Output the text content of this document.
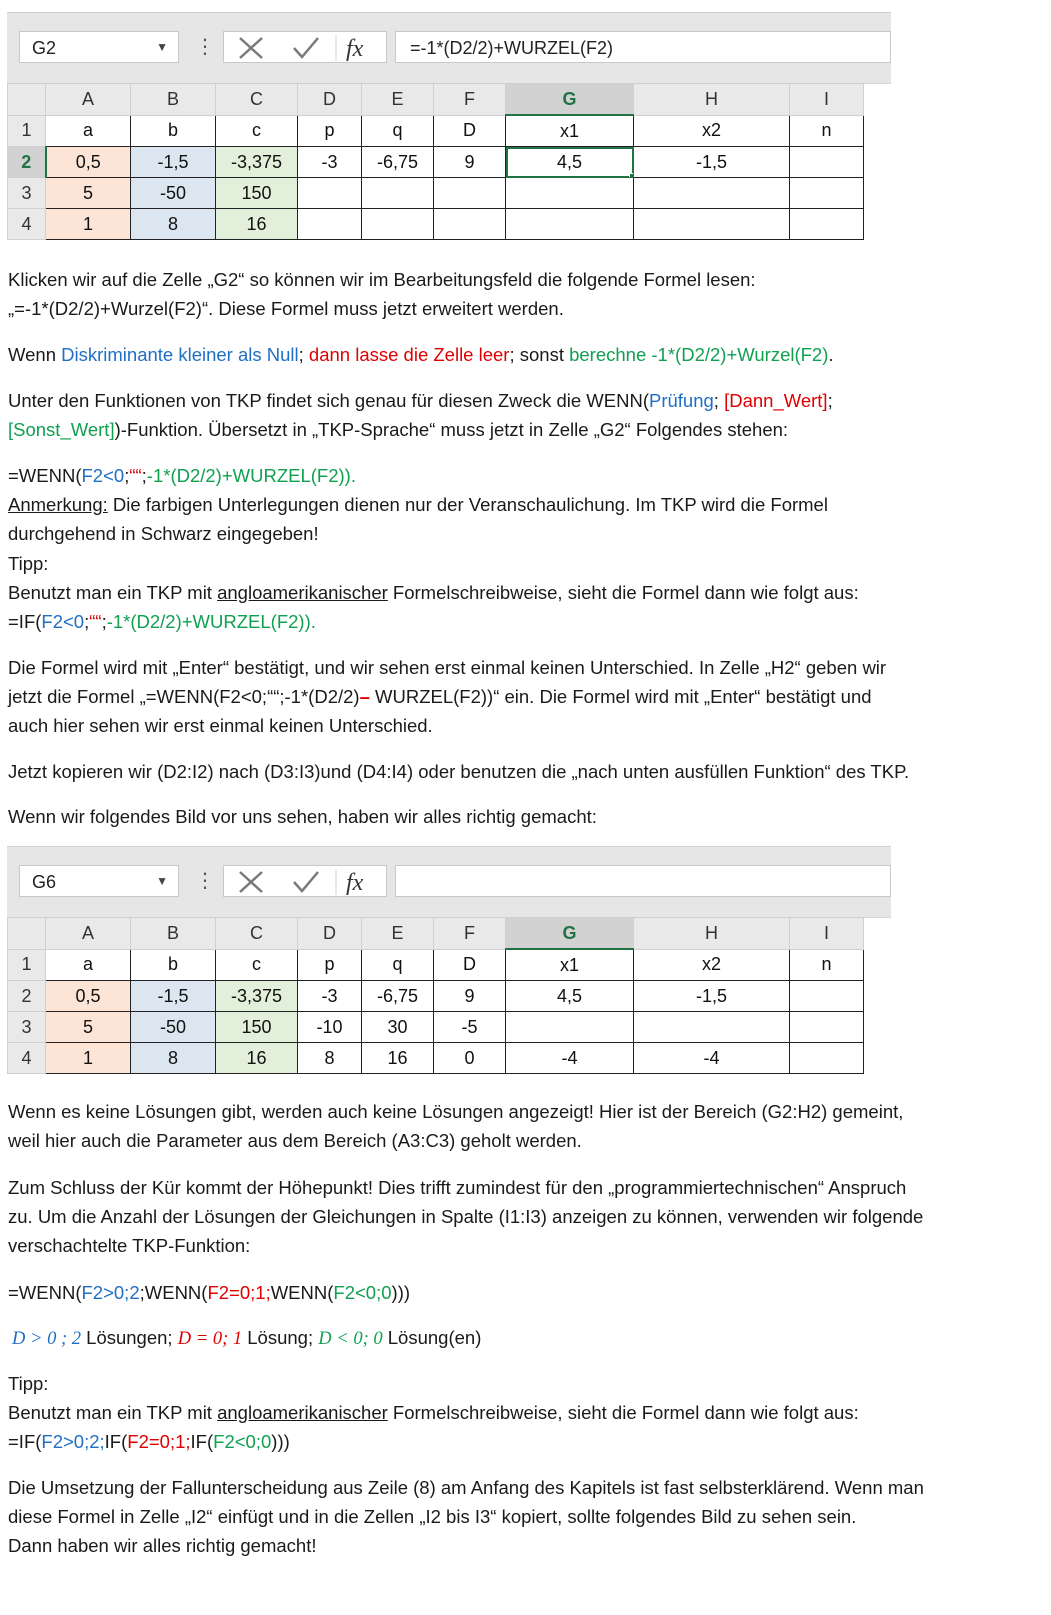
G2	▼ ⋮	fx	=-1*(D2/2)+WURZEL(F2)
	A	B	C	D	E	F	G	H	I
1	a	b	c	p	q	D	x1	x2	n
2	0,5	-1,5	-3,375	-3	-6,75	9	4,5	-1,5	
3	5	-50	150						
4	1	8	16						
Klicken wir auf die Zelle „G2“ so können wir im Bearbeitungsfeld die folgende Formel lesen:
„=-1*(D2/2)+Wurzel(F2)“. Diese Formel muss jetzt erweitert werden.
Wenn Diskriminante kleiner als Null; dann lasse die Zelle leer; sonst berechne -1*(D2/2)+Wurzel(F2).
Unter den Funktionen von TKP findet sich genau für diesen Zweck die WENN(Prüfung; [Dann_Wert];
[Sonst_Wert])-Funktion. Übersetzt in „TKP-Sprache“ muss jetzt in Zelle „G2“ Folgendes stehen:
=WENN(F2<0;““;-1*(D2/2)+WURZEL(F2)).
Anmerkung: Die farbigen Unterlegungen dienen nur der Veranschaulichung. Im TKP wird die Formel
durchgehend in Schwarz eingegeben!
Tipp:
Benutzt man ein TKP mit angloamerikanischer Formelschreibweise, sieht die Formel dann wie folgt aus:
=IF(F2<0;““;-1*(D2/2)+WURZEL(F2)).
Die Formel wird mit „Enter“ bestätigt, und wir sehen erst einmal keinen Unterschied. In Zelle „H2“ geben wir
jetzt die Formel „=WENN(F2<0;““;-1*(D2/2)– WURZEL(F2))“ ein. Die Formel wird mit „Enter“ bestätigt und
auch hier sehen wir erst einmal keinen Unterschied.
Jetzt kopieren wir (D2:I2) nach (D3:I3)und (D4:I4) oder benutzen die „nach unten ausfüllen Funktion“ des TKP.
Wenn wir folgendes Bild vor uns sehen, haben wir alles richtig gemacht:
G6	▼ ⋮	fx
	A	B	C	D	E	F	G	H	I
1	a	b	c	p	q	D	x1	x2	n
2	0,5	-1,5	-3,375	-3	-6,75	9	4,5	-1,5	
3	5	-50	150	-10	30	-5			
4	1	8	16	8	16	0	-4	-4	
Wenn es keine Lösungen gibt, werden auch keine Lösungen angezeigt! Hier ist der Bereich (G2:H2) gemeint,
weil hier auch die Parameter aus dem Bereich (A3:C3) geholt werden.
Zum Schluss der Kür kommt der Höhepunkt! Dies trifft zumindest für den „programmiertechnischen“ Anspruch
zu. Um die Anzahl der Lösungen der Gleichungen in Spalte (I1:I3) anzeigen zu können, verwenden wir folgende
verschachtelte TKP-Funktion:
=WENN(F2>0;2;WENN(F2=0;1;WENN(F2<0;0)))
D > 0 ; 2 Lösungen; D = 0; 1 Lösung; D < 0; 0 Lösung(en)
Tipp:
Benutzt man ein TKP mit angloamerikanischer Formelschreibweise, sieht die Formel dann wie folgt aus:
=IF(F2>0;2;IF(F2=0;1;IF(F2<0;0)))
Die Umsetzung der Fallunterscheidung aus Zeile (8) am Anfang des Kapitels ist fast selbsterklärend. Wenn man
diese Formel in Zelle „I2“ einfügt und in die Zellen „I2 bis I3“ kopiert, sollte folgendes Bild zu sehen sein.
Dann haben wir alles richtig gemacht!
